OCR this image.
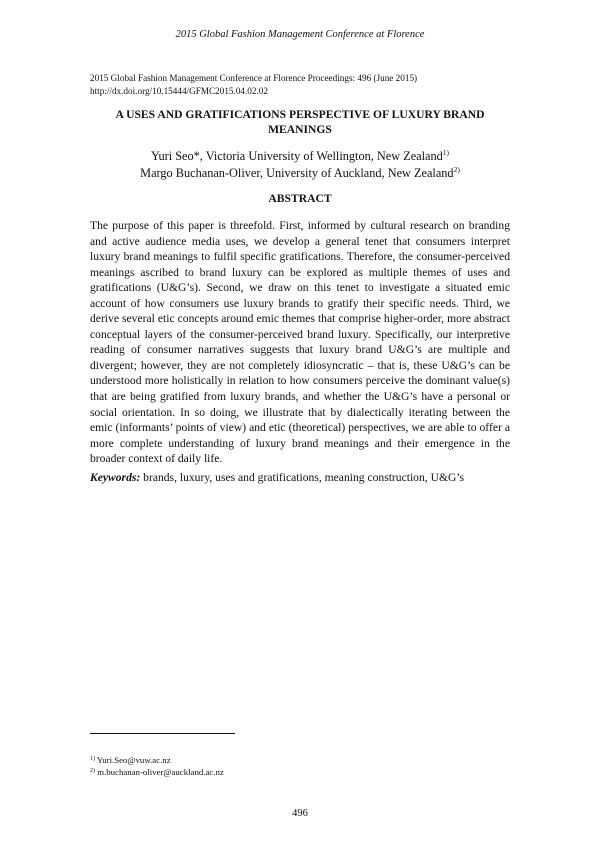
2015 Global Fashion Management Conference at Florence
2015 Global Fashion Management Conference at Florence Proceedings: 496 (June 2015)
http://dx.doi.org/10.15444/GFMC2015.04.02.02
A USES AND GRATIFICATIONS PERSPECTIVE OF LUXURY BRAND MEANINGS
Yuri Seo*, Victoria University of Wellington, New Zealand$^{1)}$
Margo Buchanan-Oliver, University of Auckland, New Zealand$^{2)}$
ABSTRACT
The purpose of this paper is threefold. First, informed by cultural research on branding and active audience media uses, we develop a general tenet that consumers interpret luxury brand meanings to fulfil specific gratifications. Therefore, the consumer-perceived meanings ascribed to brand luxury can be explored as multiple themes of uses and gratifications (U&G’s). Second, we draw on this tenet to investigate a situated emic account of how consumers use luxury brands to gratify their specific needs. Third, we derive several etic concepts around emic themes that comprise higher-order, more abstract conceptual layers of the consumer-perceived brand luxury. Specifically, our interpretive reading of consumer narratives suggests that luxury brand U&G’s are multiple and divergent; however, they are not completely idiosyncratic – that is, these U&G’s can be understood more holistically in relation to how consumers perceive the dominant value(s) that are being gratified from luxury brands, and whether the U&G’s have a personal or social orientation. In so doing, we illustrate that by dialectically iterating between the emic (informants’ points of view) and etic (theoretical) perspectives, we are able to offer a more complete understanding of luxury brand meanings and their emergence in the broader context of daily life.
Keywords: brands, luxury, uses and gratifications, meaning construction, U&G’s
$^{1)}$ Yuri.Seo@vuw.ac.nz
$^{2)}$ m.buchanan-oliver@auckland.ac.nz
496
